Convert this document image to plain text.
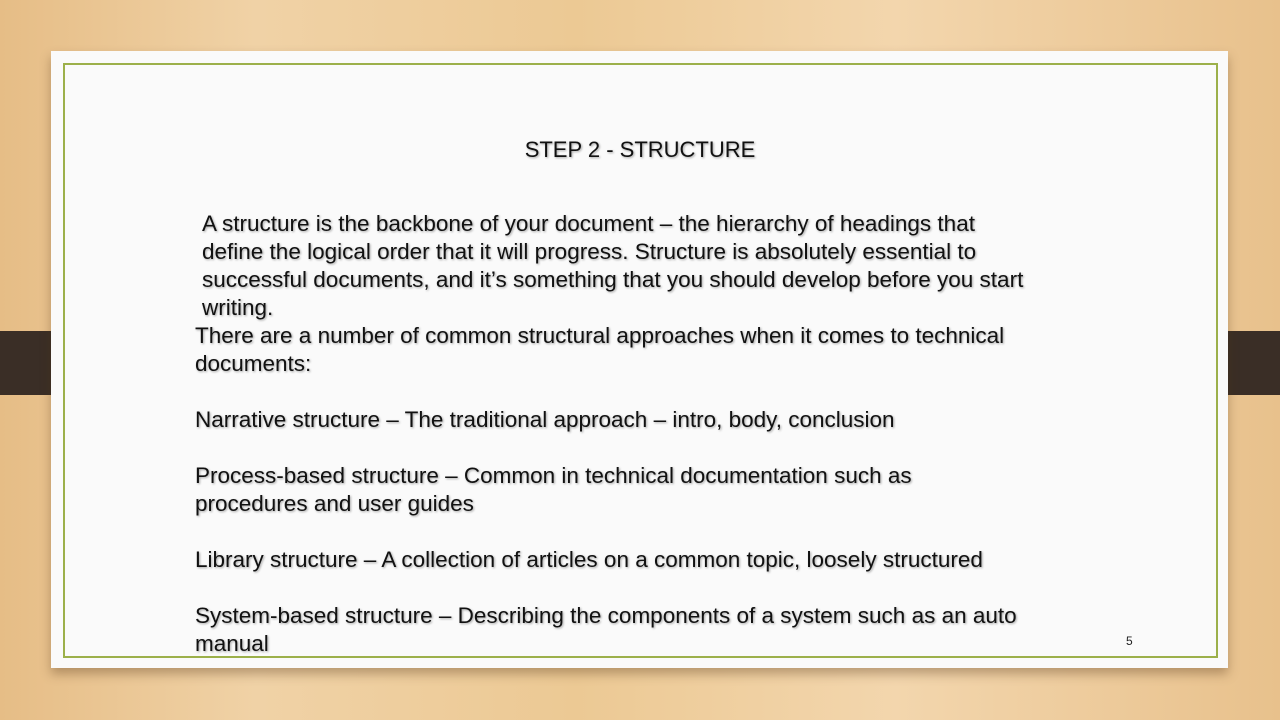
STEP 2 - STRUCTURE
A structure is the backbone of your document – the hierarchy of headings that
define the logical order that it will progress. Structure is absolutely essential to
successful documents, and it’s something that you should develop before you start
writing.
There are a number of common structural approaches when it comes to technical
documents:
Narrative structure – The traditional approach – intro, body, conclusion
Process-based structure – Common in technical documentation such as
procedures and user guides
Library structure – A collection of articles on a common topic, loosely structured
System-based structure – Describing the components of a system such as an auto
manual	5
